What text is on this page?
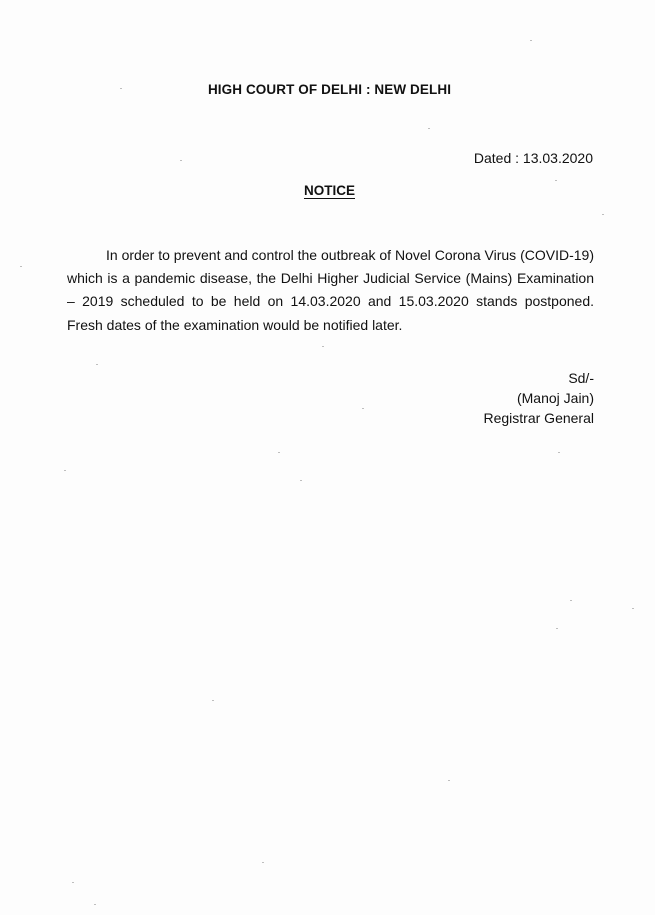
HIGH COURT OF DELHI : NEW DELHI
Dated : 13.03.2020
NOTICE

In order to prevent and control the outbreak of Novel Corona Virus (COVID-19) which is a pandemic disease, the Delhi Higher Judicial Service (Mains) Examination – 2019 scheduled to be held on 14.03.2020 and 15.03.2020 stands postponed. Fresh dates of the examination would be notified later.

Sd/-
(Manoj Jain)
Registrar General
